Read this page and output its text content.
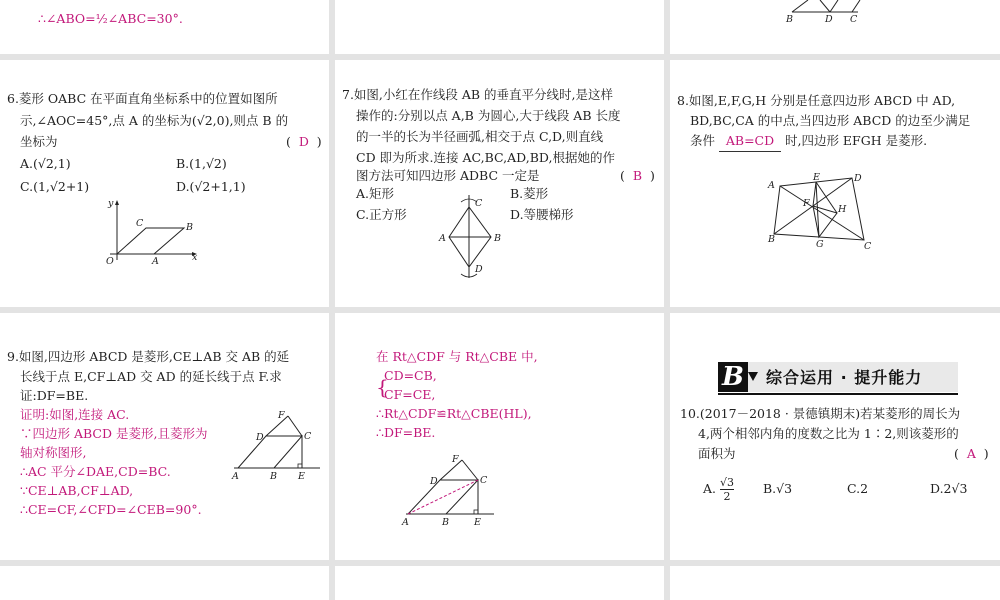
∴∠ABO=½∠ABC=30°.	B	D C
6.菱形 OABC 在平面直角坐标系中的位置如图所
示,∠AOC=45°,点 A 的坐标为(√2,0),则点 B 的
坐标为	(  D  )
A.(√2,1)	B.(1,√2)
C.(1,√2+1)	D.(√2+1,1)
y
x
O	A
B
C
7.如图,小红在作线段 AB 的垂直平分线时,是这样
操作的:分别以点 A,B 为圆心,大于线段 AB 长度
的一半的长为半径画弧,相交于点 C,D,则直线
CD 即为所求.连接 AC,BC,AD,BD,根据她的作
图方法可知四边形 ADBC 一定是	(  B  )
A.矩形	B.菱形
C.正方形	D.等腰梯形
A	B
C
D
8.如图,E,F,G,H 分别是任意四边形 ABCD 中 AD,
BD,BC,CA 的中点,当四边形 ABCD 的边至少满足
条件 AB=CD 时,四边形 EFGH 是菱形.
A
E	D
F
H
B	G	C
9.如图,四边形 ABCD 是菱形,CE⊥AB 交 AB 的延
长线于点 E,CF⊥AD 交 AD 的延长线于点 F.求
证:DF=BE.
证明:如图,连接 AC.
∵四边形 ABCD 是菱形,且菱形为
轴对称图形,
∴AC 平分∠DAE,CD=BC.
∵CE⊥AB,CF⊥AD,
∴CE=CF,∠CFD=∠CEB=90°.
F
D	C
A	B E
在 Rt△CDF 与 Rt△CBE 中,
{
CD=CB,
CF=CE,
∴Rt△CDF≌Rt△CBE(HL),
∴DF=BE.
F
D	C
A	B	E
B 综合运用 · 提升能力
10.(2017－2018 · 景德镇期末)若某菱形的周长为
4,两个相邻内角的度数之比为 1∶2,则该菱形的
面积为	(  A  )
A. $\frac{√3}{2} B.√3$	C.2	D.2√3
